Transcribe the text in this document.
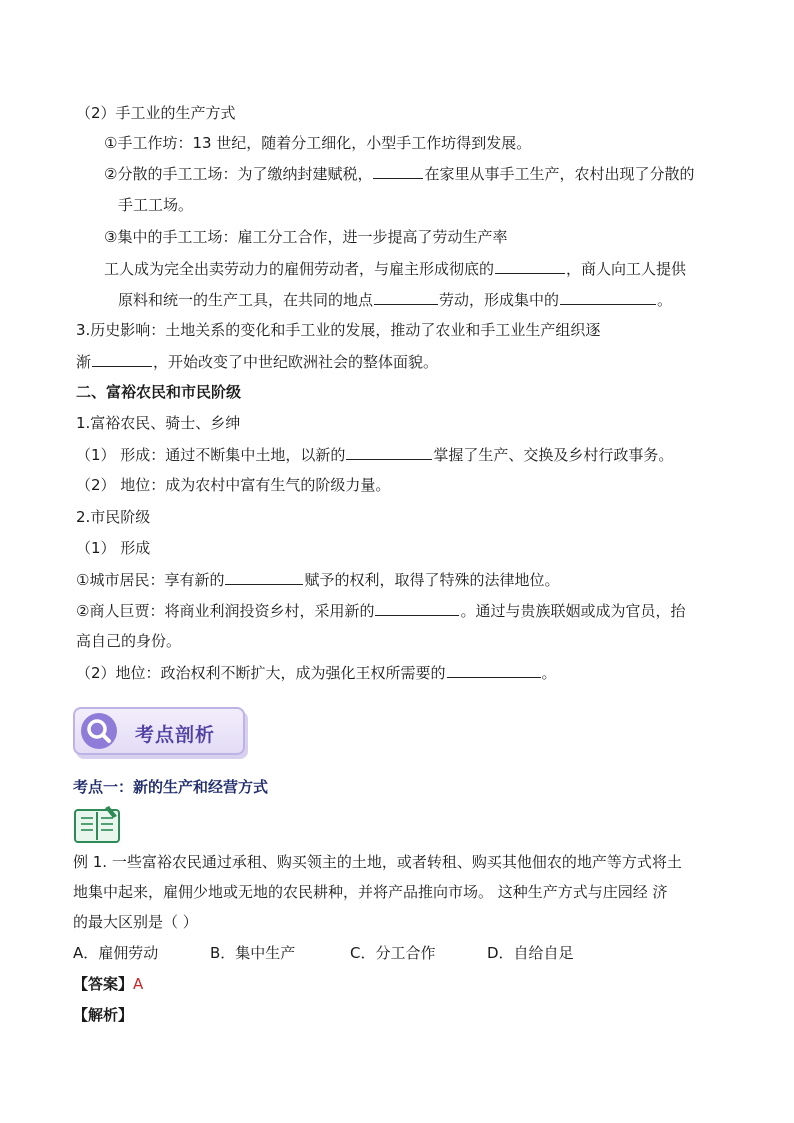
（2）手工业的生产方式
①手工作坊：13 世纪，随着分工细化，小型手工作坊得到发展。
②分散的手工工场：为了缴纳封建赋税，	在家里从事手工生产，农村出现了分散的
手工工场。
③集中的手工工场：雇工分工合作，进一步提高了劳动生产率
工人成为完全出卖劳动力的雇佣劳动者，与雇主形成彻底的	，商人向工人提供
原料和统一的生产工具，在共同的地点	劳动，形成集中的	。
3.历史影响：土地关系的变化和手工业的发展，推动了农业和手工业生产组织逐
渐	，开始改变了中世纪欧洲社会的整体面貌。
二、富裕农民和市民阶级
1.富裕农民、骑士、乡绅
（1） 形成：通过不断集中土地，以新的	掌握了生产、交换及乡村行政事务。
（2） 地位：成为农村中富有生气的阶级力量。
2.市民阶级
（1） 形成
①城市居民：享有新的	赋予的权利，取得了特殊的法律地位。
②商人巨贾：将商业利润投资乡村，采用新的	。通过与贵族联姻或成为官员，抬
高自己的身份。
（2）地位：政治权利不断扩大，成为强化王权所需要的	。
考点剖析
考点一：新的生产和经营方式
例 1. 一些富裕农民通过承租、购买领主的土地，或者转租、购买其他佃农的地产等方式将土
地集中起来，雇佣少地或无地的农民耕种，并将产品推向市场。 这种生产方式与庄园经 济
的最大区别是（ ）
A．雇佣劳动	B．集中生产	C．分工合作	D．自给自足
【答案】A
【解析】
